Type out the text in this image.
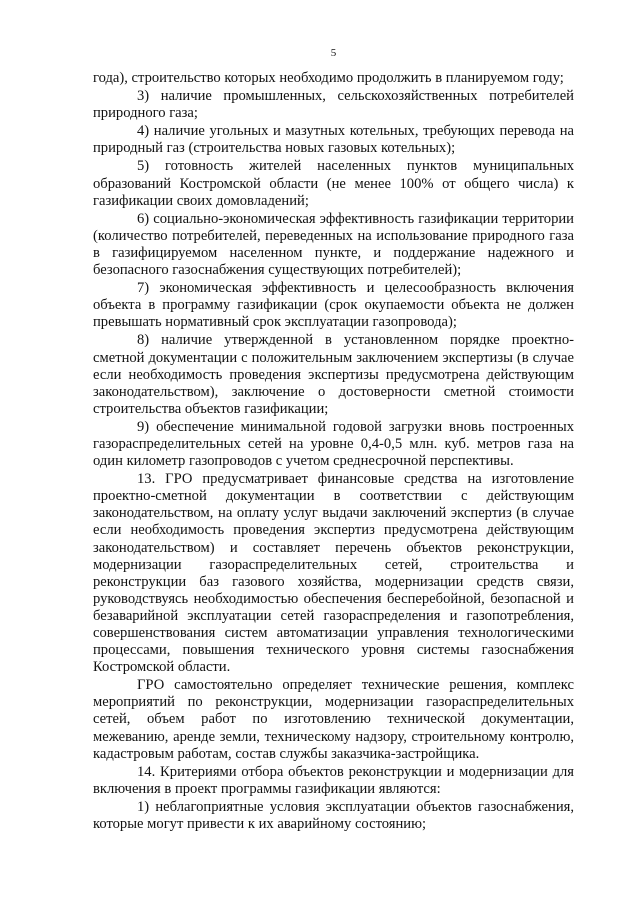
5

года), строительство которых необходимо продолжить в планируемом году;

3) наличие промышленных, сельскохозяйственных потребителей природного газа;

4) наличие угольных и мазутных котельных, требующих перевода на природный газ (строительства новых газовых котельных);

5) готовность жителей населенных пунктов муниципальных образований Костромской области (не менее 100% от общего числа) к газификации своих домовладений;

6) социально-экономическая эффективность газификации территории (количество потребителей, переведенных на использование природного газа в газифицируемом населенном пункте, и поддержание надежного и безопасного газоснабжения существующих потребителей);

7) экономическая эффективность и целесообразность включения объекта в программу газификации (срок окупаемости объекта не должен превышать нормативный срок эксплуатации газопровода);

8) наличие утвержденной в установленном порядке проектно-сметной документации с положительным заключением экспертизы (в случае если необходимость проведения экспертизы предусмотрена действующим законодательством), заключение о достоверности сметной стоимости строительства объектов газификации;

9) обеспечение минимальной годовой загрузки вновь построенных газораспределительных сетей на уровне 0,4-0,5 млн. куб. метров газа на один километр газопроводов с учетом среднесрочной перспективы.

13. ГРО предусматривает финансовые средства на изготовление проектно-сметной документации в соответствии с действующим законодательством, на оплату услуг выдачи заключений экспертиз (в случае если необходимость проведения экспертиз предусмотрена действующим законодательством) и составляет перечень объектов реконструкции, модернизации газораспределительных сетей, строительства и реконструкции баз газового хозяйства, модернизации средств связи, руководствуясь необходимостью обеспечения бесперебойной, безопасной и безаварийной эксплуатации сетей газораспределения и газопотребления, совершенствования систем автоматизации управления технологическими процессами, повышения технического уровня системы газоснабжения Костромской области.

ГРО самостоятельно определяет технические решения, комплекс мероприятий по реконструкции, модернизации газораспределительных сетей, объем работ по изготовлению технической документации, межеванию, аренде земли, техническому надзору, строительному контролю, кадастровым работам, состав службы заказчика-застройщика.

14. Критериями отбора объектов реконструкции и модернизации для включения в проект программы газификации являются:

1) неблагоприятные условия эксплуатации объектов газоснабжения, которые могут привести к их аварийному состоянию;
